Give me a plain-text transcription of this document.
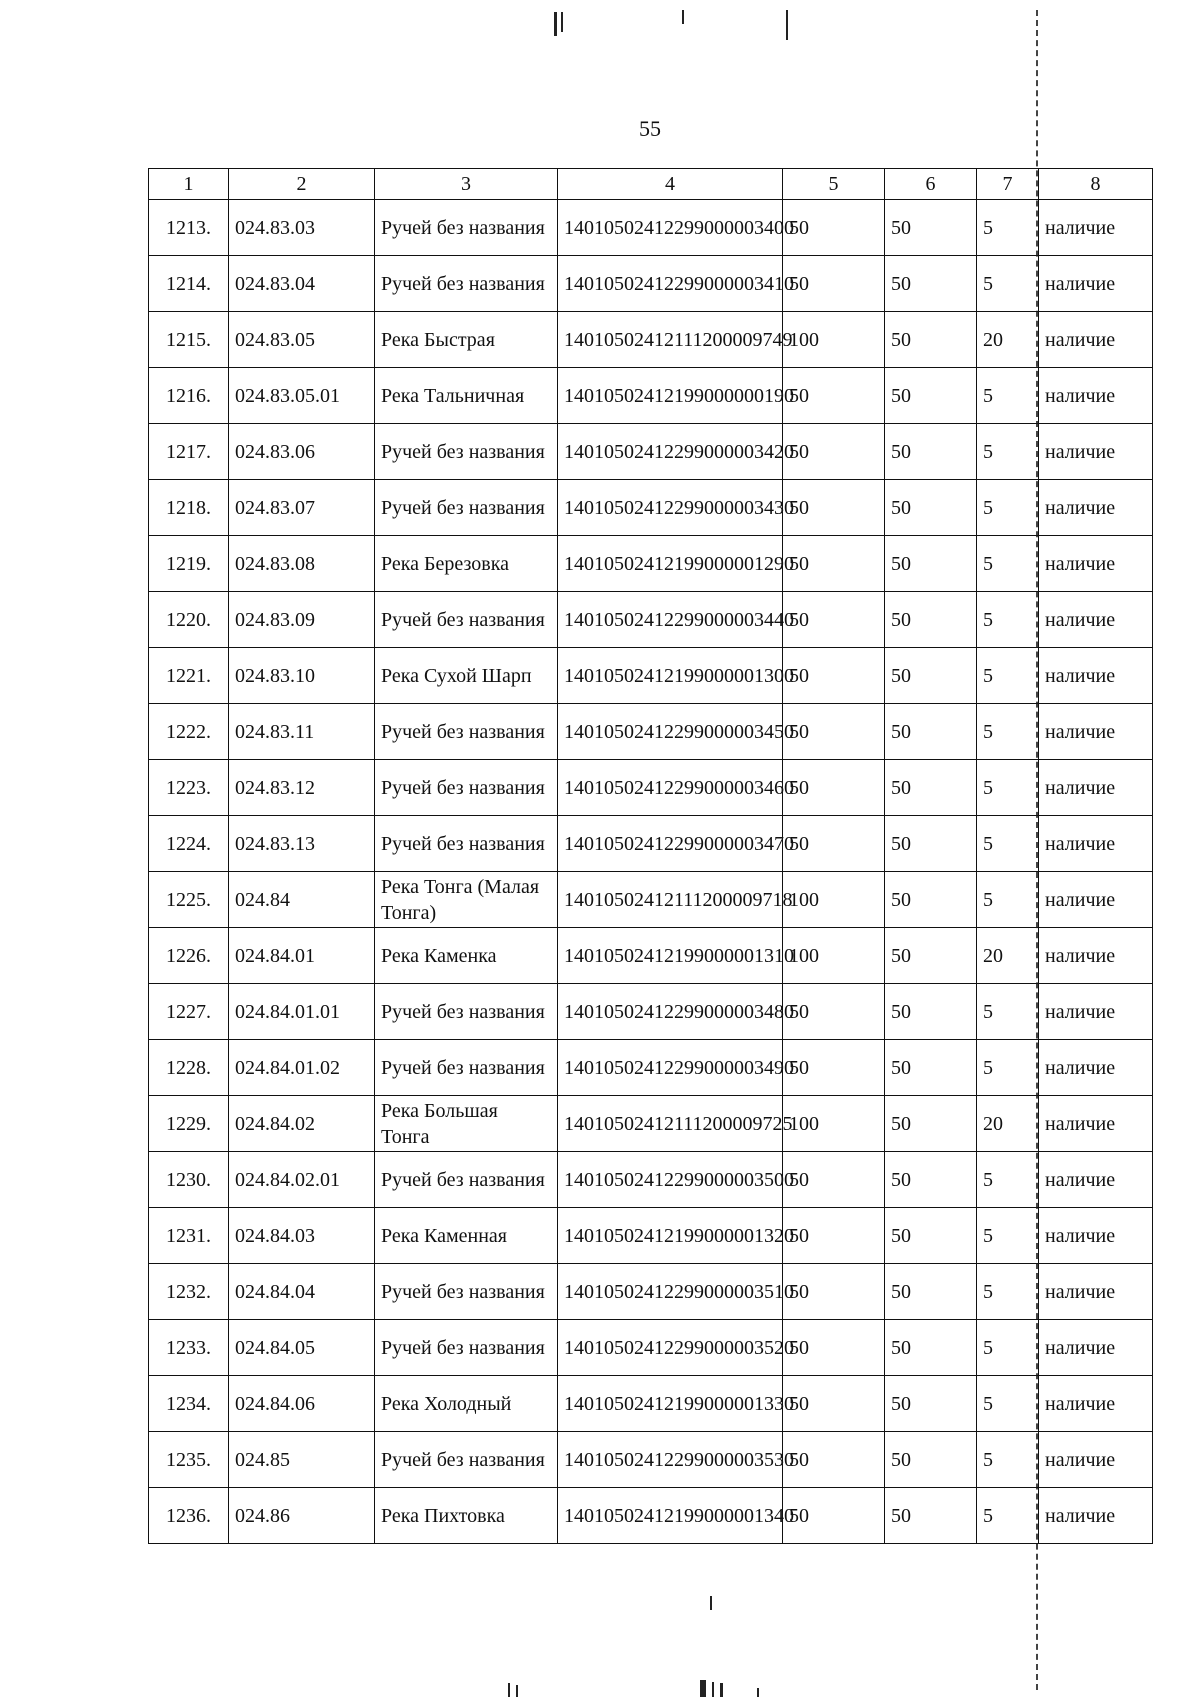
55
1	2	3	4	5	6	7	8
1213.	024.83.03	Ручей без названия	14010502412299000003400	50	50	5	наличие
1214.	024.83.04	Ручей без названия	14010502412299000003410	50	50	5	наличие
1215.	024.83.05	Река Быстрая	14010502412111200009749	100	50	20	наличие
1216.	024.83.05.01	Река Тальничная	14010502412199000000190	50	50	5	наличие
1217.	024.83.06	Ручей без названия	14010502412299000003420	50	50	5	наличие
1218.	024.83.07	Ручей без названия	14010502412299000003430	50	50	5	наличие
1219.	024.83.08	Река Березовка	14010502412199000001290	50	50	5	наличие
1220.	024.83.09	Ручей без названия	14010502412299000003440	50	50	5	наличие
1221.	024.83.10	Река Сухой Шарп	14010502412199000001300	50	50	5	наличие
1222.	024.83.11	Ручей без названия	14010502412299000003450	50	50	5	наличие
1223.	024.83.12	Ручей без названия	14010502412299000003460	50	50	5	наличие
1224.	024.83.13	Ручей без названия	14010502412299000003470	50	50	5	наличие
1225.	024.84	Река Тонга (Малая Тонга)	14010502412111200009718	100	50	5	наличие
1226.	024.84.01	Река Каменка	14010502412199000001310	100	50	20	наличие
1227.	024.84.01.01	Ручей без названия	14010502412299000003480	50	50	5	наличие
1228.	024.84.01.02	Ручей без названия	14010502412299000003490	50	50	5	наличие
1229.	024.84.02	Река Большая Тонга	14010502412111200009725	100	50	20	наличие
1230.	024.84.02.01	Ручей без названия	14010502412299000003500	50	50	5	наличие
1231.	024.84.03	Река Каменная	14010502412199000001320	50	50	5	наличие
1232.	024.84.04	Ручей без названия	14010502412299000003510	50	50	5	наличие
1233.	024.84.05	Ручей без названия	14010502412299000003520	50	50	5	наличие
1234.	024.84.06	Река Холодный	14010502412199000001330	50	50	5	наличие
1235.	024.85	Ручей без названия	14010502412299000003530	50	50	5	наличие
1236.	024.86	Река Пихтовка	14010502412199000001340	50	50	5	наличие
